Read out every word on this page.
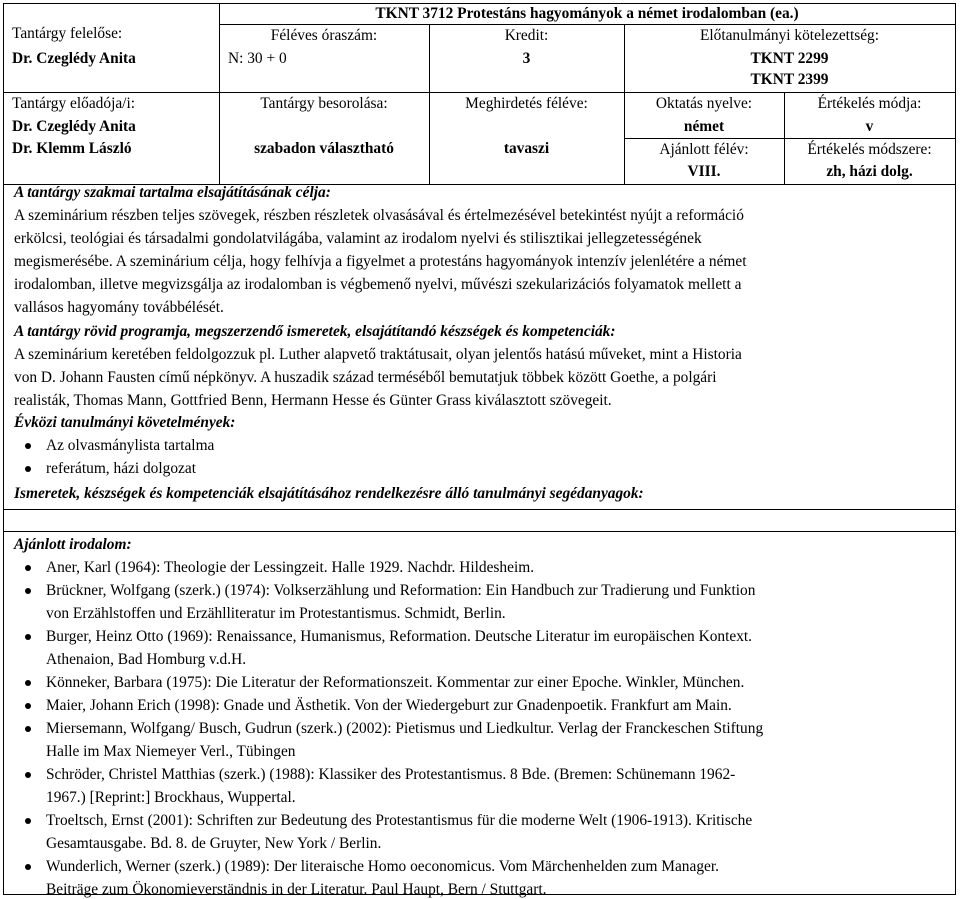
TKNT 3712 Protestáns hagyományok a német irodalomban (ea.)
Tantárgy felelőse:
Dr. Czeglédy Anita
Féléves óraszám:
N: 30 + 0
Kredit:
3
Előtanulmányi kötelezettség:
TKNT 2299
TKNT 2399
Tantárgy előadója/i:
Dr. Czeglédy Anita
Dr. Klemm László
Tantárgy besorolása:
szabadon választható
Meghirdetés féléve:
tavaszi
Oktatás nyelve:
német
Értékelés módja:
v
Ajánlott félév:
VIII.
Értékelés módszere:
zh, házi dolg.
A tantárgy szakmai tartalma elsajátításának célja:
A szeminárium részben teljes szövegek, részben részletek olvasásával és értelmezésével betekintést nyújt a reformáció
erkölcsi, teológiai és társadalmi gondolatvilágába, valamint az irodalom nyelvi és stilisztikai jellegzetességének
megismerésébe. A szeminárium célja, hogy felhívja a figyelmet a protestáns hagyományok intenzív jelenlétére a német
irodalomban, illetve megvizsgálja az irodalomban is végbemenő nyelvi, művészi szekularizációs folyamatok mellett a
vallásos hagyomány továbbélését.
A tantárgy rövid programja, megszerzendő ismeretek, elsajátítandó készségek és kompetenciák:
A szeminárium keretében feldolgozzuk pl. Luther alapvető traktátusait, olyan jelentős hatású műveket, mint a Historia
von D. Johann Fausten című népkönyv. A huszadik század terméséből bemutatjuk többek között Goethe, a polgári
realisták, Thomas Mann, Gottfried Benn, Hermann Hesse és Günter Grass kiválasztott szövegeit.
Évközi tanulmányi követelmények:
Az olvasmánylista tartalma
referátum, házi dolgozat
Ismeretek, készségek és kompetenciák elsajátításához rendelkezésre álló tanulmányi segédanyagok:
Ajánlott irodalom:
Aner, Karl (1964): Theologie der Lessingzeit. Halle 1929. Nachdr. Hildesheim.
Brückner, Wolfgang (szerk.) (1974): Volkserzählung und Reformation: Ein Handbuch zur Tradierung und Funktion
von Erzählstoffen und Erzählliteratur im Protestantismus. Schmidt, Berlin.
Burger, Heinz Otto (1969): Renaissance, Humanismus, Reformation. Deutsche Literatur im europäischen Kontext.
Athenaion, Bad Homburg v.d.H.
Könneker, Barbara (1975): Die Literatur der Reformationszeit. Kommentar zur einer Epoche. Winkler, München.
Maier, Johann Erich (1998): Gnade und Ästhetik. Von der Wiedergeburt zur Gnadenpoetik. Frankfurt am Main.
Miersemann, Wolfgang/ Busch, Gudrun (szerk.) (2002): Pietismus und Liedkultur. Verlag der Franckeschen Stiftung
Halle im Max Niemeyer Verl., Tübingen
Schröder, Christel Matthias (szerk.) (1988): Klassiker des Protestantismus. 8 Bde. (Bremen: Schünemann 1962-
1967.) [Reprint:] Brockhaus, Wuppertal.
Troeltsch, Ernst (2001): Schriften zur Bedeutung des Protestantismus für die moderne Welt (1906-1913). Kritische
Gesamtausgabe. Bd. 8. de Gruyter, New York / Berlin.
Wunderlich, Werner (szerk.) (1989): Der literaische Homo oeconomicus. Vom Märchenhelden zum Manager.
Beiträge zum Ökonomieverständnis in der Literatur. Paul Haupt, Bern / Stuttgart.
